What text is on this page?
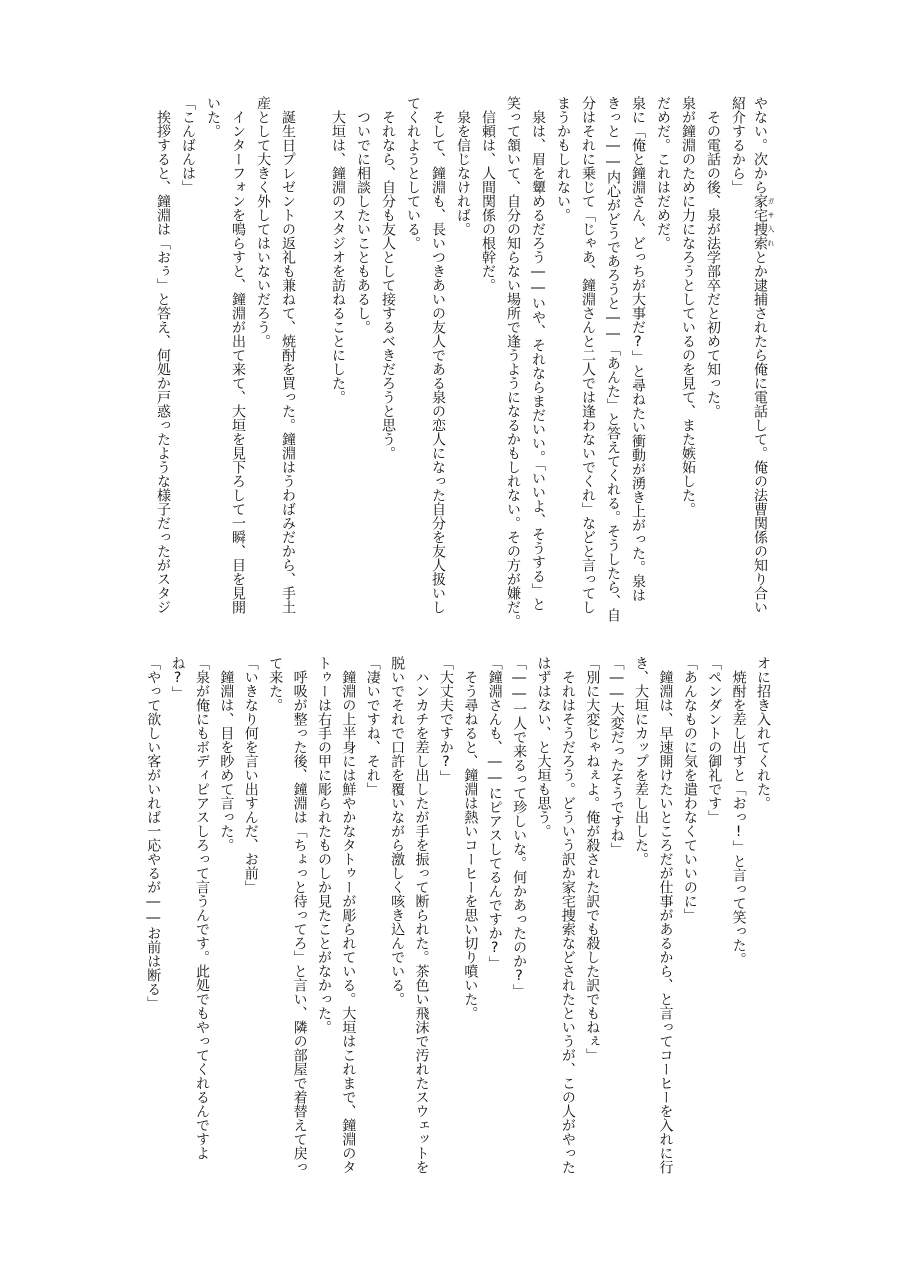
やない。次から家宅捜索 ガサ入れとか逮捕されたら俺に電話して。俺の法曹関係の知り合い
紹介するから」
その電話の後、泉が法学部卒だと初めて知った。
泉が鐘淵のために力になろうとしているのを見て、また嫉妬した。
だめだ。これはだめだ。
泉に「俺と鐘淵さん、どっちが大事だ?」と尋ねたい衝動が湧き上がった。泉は
きっと――内心がどうであろうと――「あんた」と答えてくれる。そうしたら、自
分はそれに乗じて「じゃあ、鐘淵さんと二人では逢わないでくれ」などと言ってし
まうかもしれない。
泉は、眉を顰めるだろう――いや、それならまだいい。「いいよ、そうする」と
笑って頷いて、自分の知らない場所で逢うようになるかもしれない。その方が嫌だ。
信頼は、人間関係の根幹だ。
泉を信じなければ。
そして、鐘淵も、長いつきあいの友人である泉の恋人になった自分を友人扱いし
てくれようとしている。
それなら、自分も友人として接するべきだろうと思う。
ついでに相談したいこともあるし。
大垣は、鐘淵のスタジオを訪ねることにした。
誕生日プレゼントの返礼も兼ねて、焼酎を買った。鐘淵はうわばみだから、手土
産として大きく外してはいないだろう。
インターフォンを鳴らすと、鐘淵が出て来て、大垣を見下ろして一瞬、目を見開
いた。
「こんばんは」
挨拶すると、鐘淵は「おぅ」と答え、何処か戸惑ったような様子だったがスタジ
オに招き入れてくれた。
焼酎を差し出すと「おっ!」と言って笑った。
「ペンダントの御礼です」
「あんなものに気を遣わなくていいのに」
鐘淵は、早速開けたいところだが仕事があるから、と言ってコーヒーを入れに行
き、大垣にカップを差し出した。
「――大変だったそうですね」
「別に大変じゃねぇよ。俺が殺された訳でも殺した訳でもねぇ」
それはそうだろう。どういう訳か家宅捜索などされたというが、この人がやった
はずはない、と大垣も思う。
「――一人で来るって珍しいな。何かあったのか?」
「鐘淵さんも、――にピアスしてるんですか?」
そう尋ねると、鐘淵は熱いコーヒーを思い切り噴いた。
「大丈夫ですか?」
ハンカチを差し出したが手を振って断られた。茶色い飛沫で汚れたスウェットを
脱いでそれで口許を覆いながら激しく咳き込んでいる。
「凄いですね、それ」
鐘淵の上半身には鮮やかなタトゥーが彫られている。大垣はこれまで、鐘淵のタ
トゥーは右手の甲に彫られたものしか見たことがなかった。
呼吸が整った後、鐘淵は「ちょっと待ってろ」と言い、隣の部屋で着替えて戻っ
て来た。
「いきなり何を言い出すんだ、お前」
鐘淵は、目を眇めて言った。
「泉が俺にもボディピアスしろって言うんです。此処でもやってくれるんですよ
ね?」
「やって欲しい客がいれば一応やるが――お前は断る」
